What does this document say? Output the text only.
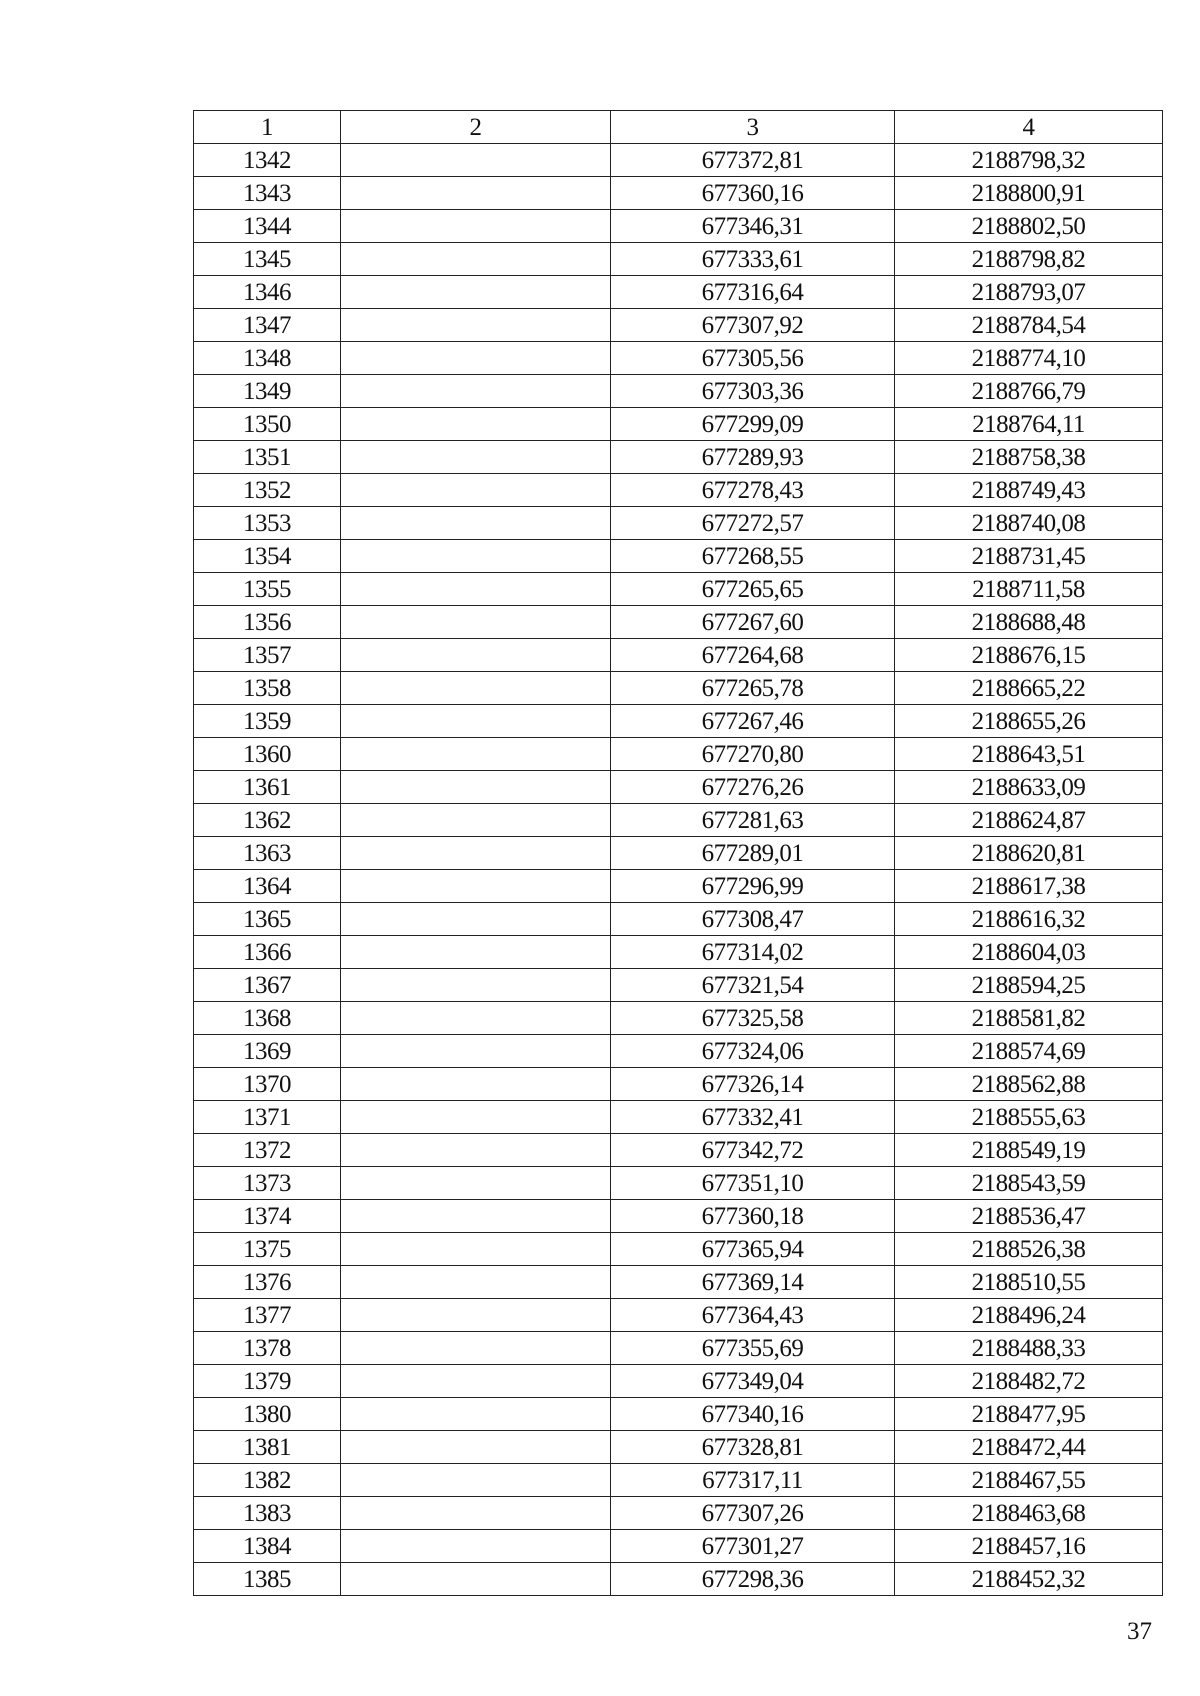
1	2	3	4
1342		677372,81	2188798,32
1343		677360,16	2188800,91
1344		677346,31	2188802,50
1345		677333,61	2188798,82
1346		677316,64	2188793,07
1347		677307,92	2188784,54
1348		677305,56	2188774,10
1349		677303,36	2188766,79
1350		677299,09	2188764,11
1351		677289,93	2188758,38
1352		677278,43	2188749,43
1353		677272,57	2188740,08
1354		677268,55	2188731,45
1355		677265,65	2188711,58
1356		677267,60	2188688,48
1357		677264,68	2188676,15
1358		677265,78	2188665,22
1359		677267,46	2188655,26
1360		677270,80	2188643,51
1361		677276,26	2188633,09
1362		677281,63	2188624,87
1363		677289,01	2188620,81
1364		677296,99	2188617,38
1365		677308,47	2188616,32
1366		677314,02	2188604,03
1367		677321,54	2188594,25
1368		677325,58	2188581,82
1369		677324,06	2188574,69
1370		677326,14	2188562,88
1371		677332,41	2188555,63
1372		677342,72	2188549,19
1373		677351,10	2188543,59
1374		677360,18	2188536,47
1375		677365,94	2188526,38
1376		677369,14	2188510,55
1377		677364,43	2188496,24
1378		677355,69	2188488,33
1379		677349,04	2188482,72
1380		677340,16	2188477,95
1381		677328,81	2188472,44
1382		677317,11	2188467,55
1383		677307,26	2188463,68
1384		677301,27	2188457,16
1385		677298,36	2188452,32
37
